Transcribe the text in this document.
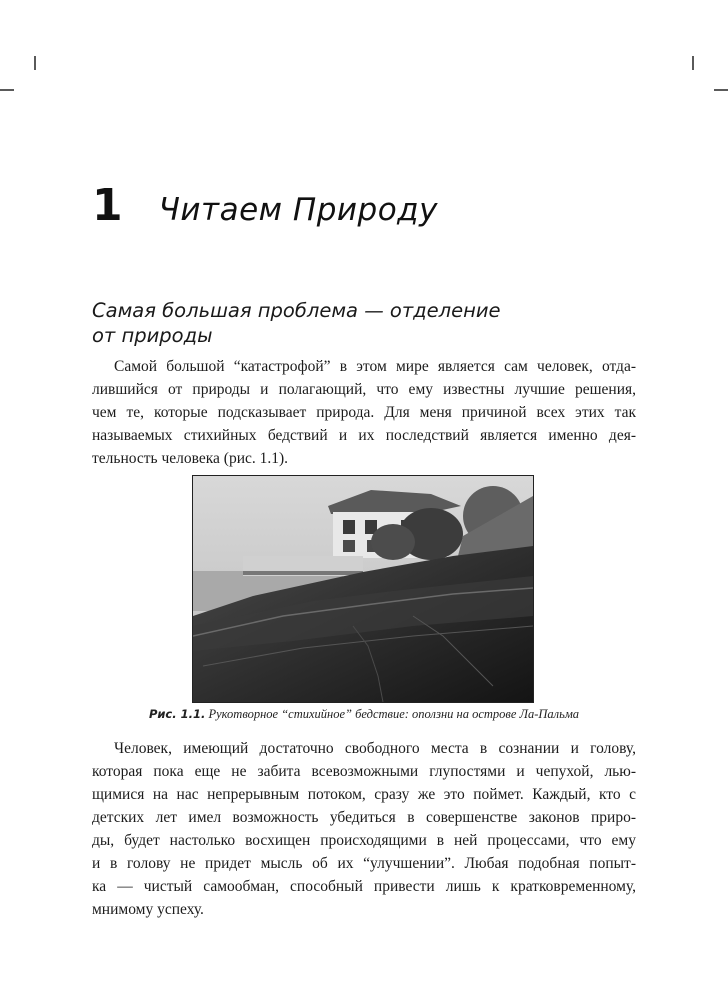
1 Читаем Природу
Самая большая проблема — отделение
от природы
Самой большой “катастрофой” в этом мире является сам человек, отда-
лившийся от природы и полагающий, что ему известны лучшие решения,
чем те, которые подсказывает природа. Для меня причиной всех этих так
называемых стихийных бедствий и их последствий является именно дея-
тельность человека (рис. 1.1).
Рис. 1.1. Рукотворное “стихийное” бедствие: оползни на острове Ла-Пальма
Человек, имеющий достаточно свободного места в сознании и голову,
которая пока еще не забита всевозможными глупостями и чепухой, лью-
щимися на нас непрерывным потоком, сразу же это поймет. Каждый, кто с
детских лет имел возможность убедиться в совершенстве законов приро-
ды, будет настолько восхищен происходящими в ней процессами, что ему
и в голову не придет мысль об их “улучшении”. Любая подобная попыт-
ка — чистый самообман, способный привести лишь к кратковременному,
мнимому успеху.
